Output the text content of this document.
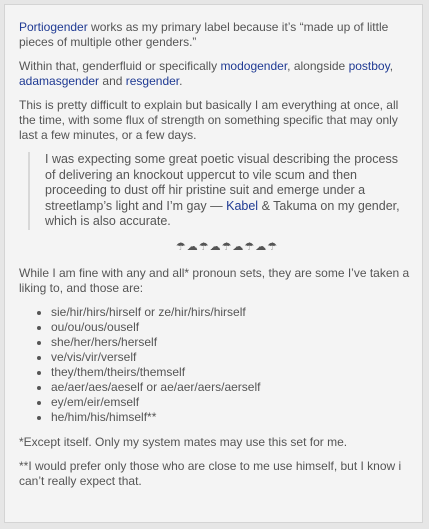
Portiogender works as my primary label because it’s “made up of little pieces of multiple other genders.”

Within that, genderfluid or specifically modogender, alongside postboy,
adamasgender and resgender.

This is pretty difficult to explain but basically I am everything at once, all the time, with some flux of strength on something specific that may only last a few minutes, or a few days.

I was expecting some great poetic visual describing the process of delivering an knockout uppercut to vile scum and then proceeding to dust off hir pristine suit and emerge under a streetlamp’s light and I’m gay — Kabel & Takuma on my gender, which is also accurate.
☂☁☂☁☂☁☂☁☂

While I am fine with any and all* pronoun sets, they are some I’ve taken a liking to, and those are:

• sie/hir/hirs/hirself or ze/hir/hirs/hirself
• ou/ou/ous/ouself
• she/her/hers/herself
• ve/vis/vir/verself
• they/them/theirs/themself
• ae/aer/aes/aeself or ae/aer/aers/aerself
• ey/em/eir/emself
• he/him/his/himself**

*Except itself. Only my system mates may use this set for me.

**I would prefer only those who are close to me use himself, but I know i can’t really expect that.
